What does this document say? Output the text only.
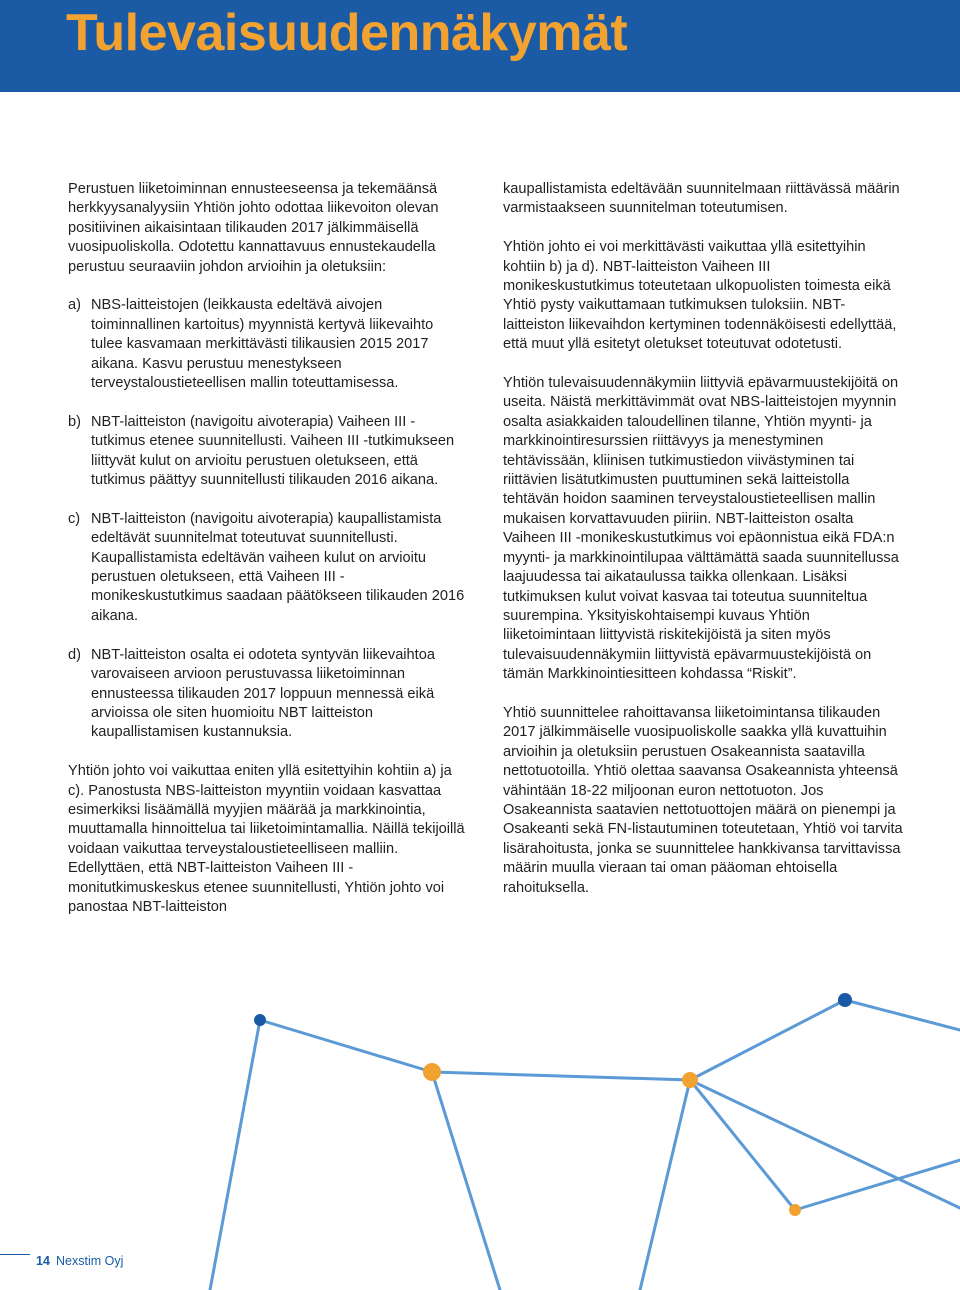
Tulevaisuudennäkymät

Perustuen liiketoiminnan ennusteeseensa ja tekemäänsä herkkyysanalyysiin Yhtiön johto odottaa liikevoiton olevan positiivinen aikaisintaan tilikauden 2017 jälkimmäisellä vuosipuoliskolla. Odotettu kannattavuus ennustekaudella perustuu seuraaviin johdon arvioihin ja oletuksiin:

a) NBS-laitteistojen (leikkausta edeltävä aivojen toiminnallinen kartoitus) myynnistä kertyvä liikevaihto tulee kasvamaan merkittävästi tilikausien 2015 2017 aikana. Kasvu perustuu menestykseen terveystaloustieteellisen mallin toteuttamisessa.
b) NBT-laitteiston (navigoitu aivoterapia) Vaiheen III -tutkimus etenee suunnitellusti. Vaiheen III -tutkimukseen liittyvät kulut on arvioitu perustuen oletukseen, että tutkimus päättyy suunnitellusti tilikauden 2016 aikana.
c) NBT-laitteiston (navigoitu aivoterapia) kaupallistamista edeltävät suunnitelmat toteutuvat suunnitellusti. Kaupallistamista edeltävän vaiheen kulut on arvioitu perustuen oletukseen, että Vaiheen III -monikeskustutkimus saadaan päätökseen tilikauden 2016 aikana.
d) NBT-laitteiston osalta ei odoteta syntyvän liikevaihtoa varovaiseen arvioon perustuvassa liiketoiminnan ennusteessa tilikauden 2017 loppuun mennessä eikä arvioissa ole siten huomioitu NBT laitteiston kaupallistamisen kustannuksia.

Yhtiön johto voi vaikuttaa eniten yllä esitettyihin kohtiin a) ja c). Panostusta NBS-laitteiston myyntiin voidaan kasvattaa esimerkiksi lisäämällä myyjien määrää ja markkinointia, muuttamalla hinnoittelua tai liiketoimintamallia. Näillä tekijoillä voidaan vaikuttaa terveystaloustieteelliseen malliin. Edellyttäen, että NBT-laitteiston Vaiheen III -monitutkimuskeskus etenee suunnitellusti, Yhtiön johto voi panostaa NBT-laitteiston

kaupallistamista edeltävään suunnitelmaan riittävässä määrin varmistaakseen suunnitelman toteutumisen.

Yhtiön johto ei voi merkittävästi vaikuttaa yllä esitettyihin kohtiin b) ja d). NBT-laitteiston Vaiheen III monikeskustutkimus toteutetaan ulkopuolisten toimesta eikä Yhtiö pysty vaikuttamaan tutkimuksen tuloksiin. NBT-laitteiston liikevaihdon kertyminen todennäköisesti edellyttää, että muut yllä esitetyt oletukset toteutuvat odotetusti.

Yhtiön tulevaisuudennäkymiin liittyviä epävarmuustekijöitä on useita. Näistä merkittävimmät ovat NBS-laitteistojen myynnin osalta asiakkaiden taloudellinen tilanne, Yhtiön myynti- ja markkinointiresurssien riittävyys ja menestyminen tehtävissään, kliinisen tutkimustiedon viivästyminen tai riittävien lisätutkimusten puuttuminen sekä laitteistolla tehtävän hoidon saaminen terveystaloustieteellisen mallin mukaisen korvattavuuden piiriin. NBT-laitteiston osalta Vaiheen III -monikeskustutkimus voi epäonnistua eikä FDA:n myynti- ja markkinointilupaa välttämättä saada suunnitellussa laajuudessa tai aikataulussa taikka ollenkaan. Lisäksi tutkimuksen kulut voivat kasvaa tai toteutua suunniteltua suurempina. Yksityiskohtaisempi kuvaus Yhtiön liiketoimintaan liittyvistä riskitekijöistä ja siten myös tulevaisuudennäkymiin liittyvistä epävarmuustekijöistä on tämän Markkinointiesitteen kohdassa “Riskit”.

Yhtiö suunnittelee rahoittavansa liiketoimintansa tilikauden 2017 jälkimmäiselle vuosipuoliskolle saakka yllä kuvattuihin arvioihin ja oletuksiin perustuen Osakeannista saatavilla nettotuotoilla. Yhtiö olettaa saavansa Osakeannista yhteensä vähintään 18-22 miljoonan euron nettotuoton. Jos Osakeannista saatavien nettotuottojen määrä on pienempi ja Osakeanti sekä FN-listautuminen toteutetaan, Yhtiö voi tarvita lisärahoitusta, jonka se suunnittelee hankkivansa tarvittavissa määrin muulla vieraan tai oman pääoman ehtoisella rahoituksella.

14 Nexstim Oyj
